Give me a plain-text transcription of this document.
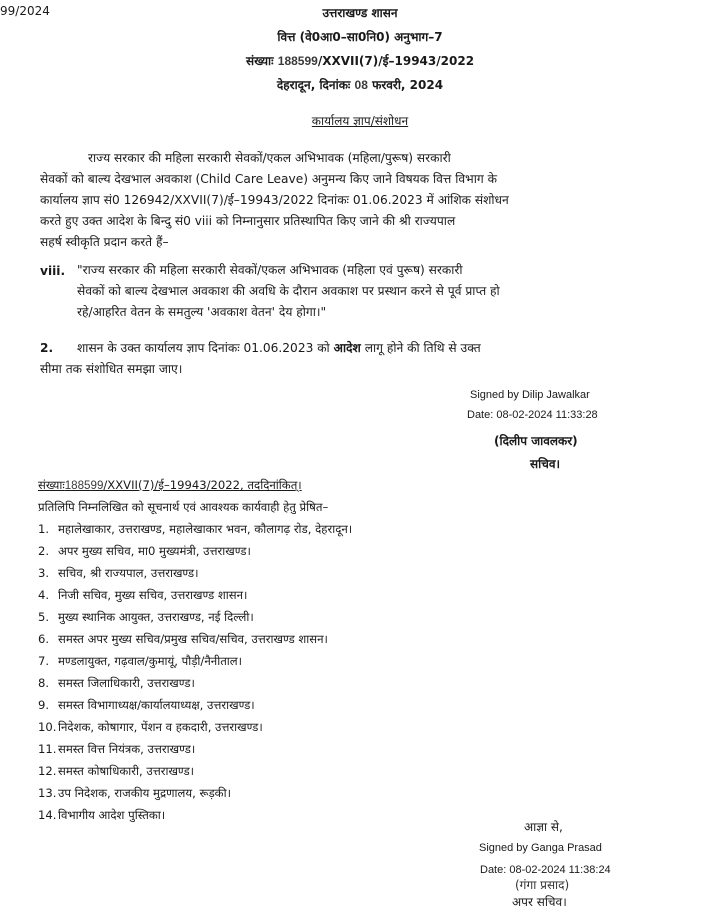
99/2024	उत्तराखण्ड शासन
वित्त (वे0आ0–सा0नि0) अनुभाग–7
संख्याः 188599/XXVII(7)/ई–19943/2022
देहरादून, दिनांकः 08 फरवरी, 2024
कार्यालय ज्ञाप/संशोधन
राज्य सरकार की महिला सरकारी सेवकों/एकल अभिभावक (महिला/पुरूष) सरकारी
सेवकों को बाल्य देखभाल अवकाश (Child Care Leave) अनुमन्य किए जाने विषयक वित्त विभाग के
कार्यालय ज्ञाप सं0 126942/XXVII(7)/ई–19943/2022 दिनांकः 01.06.2023 में आंशिक संशोधन
करते हुए उक्त आदेश के बिन्दु सं0 viii को निम्नानुसार प्रतिस्थापित किए जाने की श्री राज्यपाल
सहर्ष स्वीकृति प्रदान करते हैं–
viii. "राज्य सरकार की महिला सरकारी सेवकों/एकल अभिभावक (महिला एवं पुरूष) सरकारी
सेवकों को बाल्य देखभाल अवकाश की अवधि के दौरान अवकाश पर प्रस्थान करने से पूर्व प्राप्त हो
रहे/आहरित वेतन के समतुल्य 'अवकाश वेतन' देय होगा।"
2.	शासन के उक्त कार्यालय ज्ञाप दिनांकः 01.06.2023 को आदेश लागू होने की तिथि से उक्त
सीमा तक संशोधित समझा जाए।
Signed by Dilip Jawalkar
Date: 08-02-2024 11:33:28
(दिलीप जावलकर)
सचिव।
संख्याः188599/XXVII(7)/ई–19943/2022, तददिनांकित्।
प्रतिलिपि निम्नलिखित को सूचनार्थ एवं आवश्यक कार्यवाही हेतु प्रेषित–
1. महालेखाकार, उत्तराखण्ड, महालेखाकार भवन, कौलागढ़ रोड, देहरादून।
2. अपर मुख्य सचिव, मा0 मुख्यमंत्री, उत्तराखण्ड।
3. सचिव, श्री राज्यपाल, उत्तराखण्ड।
4. निजी सचिव, मुख्य सचिव, उत्तराखण्ड शासन।
5. मुख्य स्थानिक आयुक्त, उत्तराखण्ड, नई दिल्ली।
6. समस्त अपर मुख्य सचिव/प्रमुख सचिव/सचिव, उत्तराखण्ड शासन।
7. मण्डलायुक्त, गढ़वाल/कुमायूं, पौड़ी/नैनीताल।
8. समस्त जिलाधिकारी, उत्तराखण्ड।
9. समस्त विभागाध्यक्ष/कार्यालयाध्यक्ष, उत्तराखण्ड।
10. निदेशक, कोषागार, पेंशन व हकदारी, उत्तराखण्ड।
11. समस्त वित्त नियंत्रक, उत्तराखण्ड।
12. समस्त कोषाधिकारी, उत्तराखण्ड।
13. उप निदेशक, राजकीय मुद्रणालय, रूड़की।
14. विभागीय आदेश पुस्तिका।
आज्ञा से,
Signed by Ganga Prasad
Date: 08-02-2024 11:38:24
(गंगा प्रसाद)
अपर सचिव।
